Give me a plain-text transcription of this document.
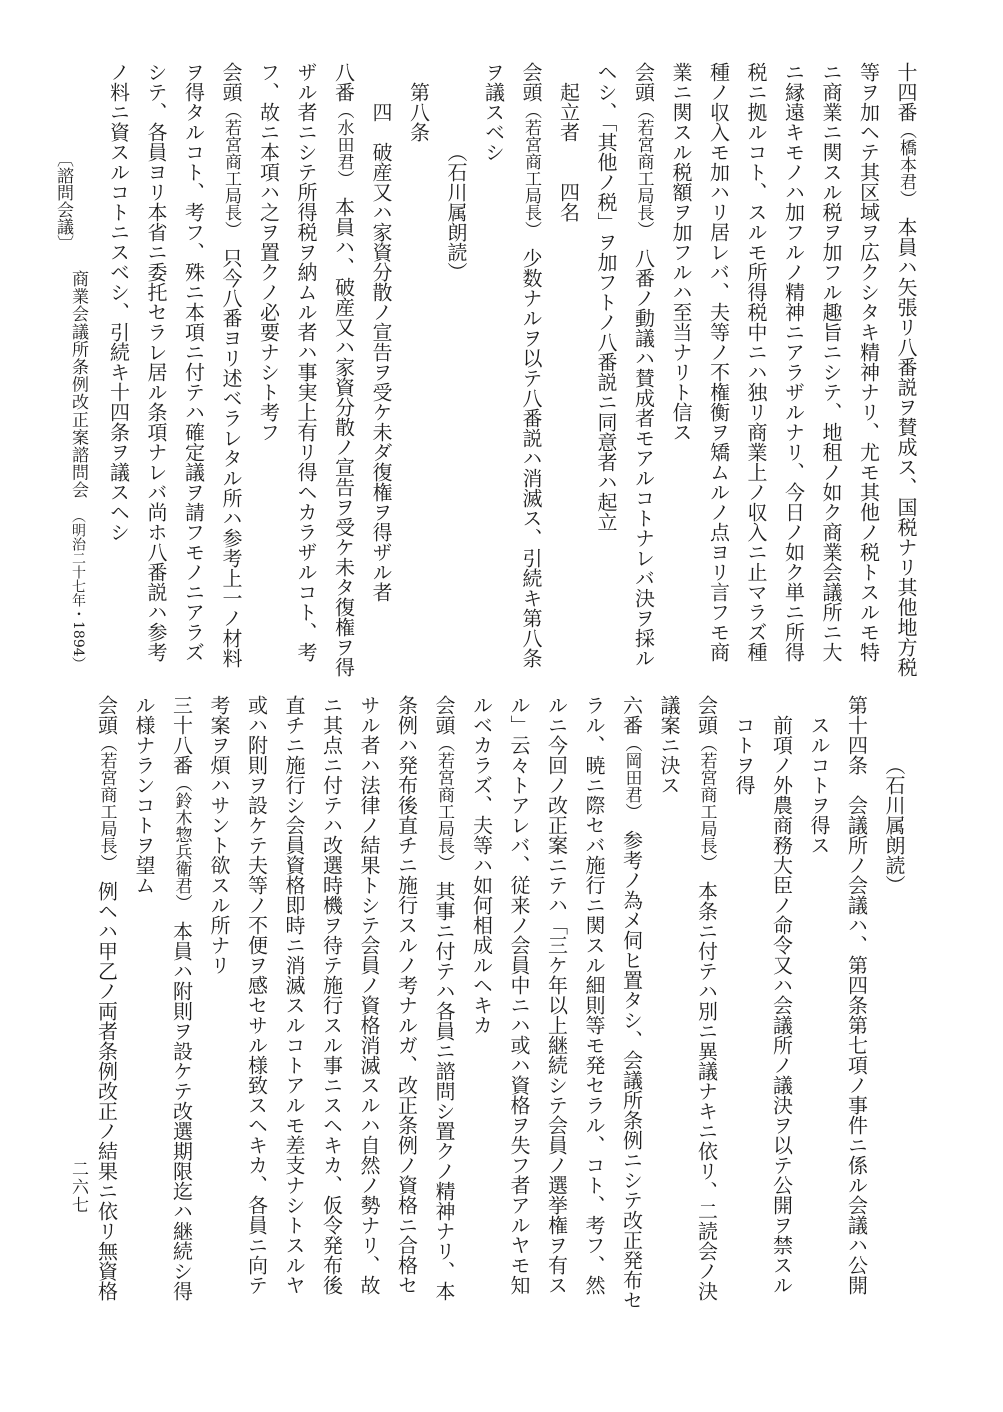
十四番（橋本君）本員ハ矢張リ八番説ヲ賛成ス、国税ナリ其他地方税
等ヲ加ヘテ其区域ヲ広クシタキ精神ナリ、尤モ其他ノ税トスルモ特
ニ商業ニ関スル税ヲ加フル趣旨ニシテ、地租ノ如ク商業会議所ニ大
ニ縁遠キモノハ加フルノ精神ニアラザルナリ、今日ノ如ク単ニ所得
税ニ拠ルコト、スルモ所得税中ニハ独リ商業上ノ収入ニ止マラズ種
種ノ収入モ加ハリ居レバ、夫等ノ不権衡ヲ矯ムルノ点ヨリ言フモ商
業ニ関スル税額ヲ加フルハ至当ナリト信ス
会頭（若宮商工局長）八番ノ動議ハ賛成者モアルコトナレバ決ヲ採ル
ヘシ、「其他ノ税」ヲ加フトノ八番説ニ同意者ハ起立
起立者　　四名
会頭（若宮商工局長）少数ナルヲ以テ八番説ハ消滅ス、引続キ第八条
ヲ議スベシ
（石川属朗読）
第八条
四　破産又ハ家資分散ノ宣告ヲ受ケ未ダ復権ヲ得ザル者
八番（水田君）本員ハ、破産又ハ家資分散ノ宣告ヲ受ケ未タ復権ヲ得
ザル者ニシテ所得税ヲ納ムル者ハ事実上有リ得ヘカラザルコト、考
フ、故ニ本項ハ之ヲ置クノ必要ナシト考フ
会頭（若宮商工局長）只今八番ヨリ述ベラレタル所ハ参考上一ノ材料
ヲ得タルコト、考フ、殊ニ本項ニ付テハ確定議ヲ請フモノニアラズ
シテ、各員ヨリ本省ニ委托セラレ居ル条項ナレバ尚ホ八番説ハ参考
ノ料ニ資スルコトニスベシ、引続キ十四条ヲ議スヘシ
（石川属朗読）
第十四条　会議所ノ会議ハ、第四条第七項ノ事件ニ係ル会議ハ公開
スルコトヲ得ス
前項ノ外農商務大臣ノ命令又ハ会議所ノ議決ヲ以テ公開ヲ禁スル
コトヲ得
会頭（若宮商工局長）本条ニ付テハ別ニ異議ナキニ依リ、二読会ノ決
議案ニ決ス
六番（岡田君）参考ノ為メ伺ヒ置タシ、会議所条例ニシテ改正発布セ
ラル、暁ニ際セバ施行ニ関スル細則等モ発セラル、コト、考フ、然
ルニ今回ノ改正案ニテハ「三ケ年以上継続シテ会員ノ選挙権ヲ有ス
ル」云々トアレバ、従来ノ会員中ニハ或ハ資格ヲ失フ者アルヤモ知
ルベカラズ、夫等ハ如何相成ルヘキカ
会頭（若宮商工局長）其事ニ付テハ各員ニ諮問シ置クノ精神ナリ、本
条例ハ発布後直チニ施行スルノ考ナルガ、改正条例ノ資格ニ合格セ
サル者ハ法律ノ結果トシテ会員ノ資格消滅スルハ自然ノ勢ナリ、故
ニ其点ニ付テハ改選時機ヲ待テ施行スル事ニスヘキカ、仮令発布後
直チニ施行シ会員資格即時ニ消滅スルコトアルモ差支ナシトスルヤ
或ハ附則ヲ設ケテ夫等ノ不便ヲ感セサル様致スヘキカ、各員ニ向テ
考案ヲ煩ハサント欲スル所ナリ
三十八番（鈴木惣兵衛君）本員ハ附則ヲ設ケテ改選期限迄ハ継続シ得
ル様ナランコトヲ望ム
会頭（若宮商工局長）例ヘハ甲乙ノ両者条例改正ノ結果ニ依リ無資格
〔諮問会議〕
商業会議所条例改正案諮問会（明治二十七年・1894）
二六七
